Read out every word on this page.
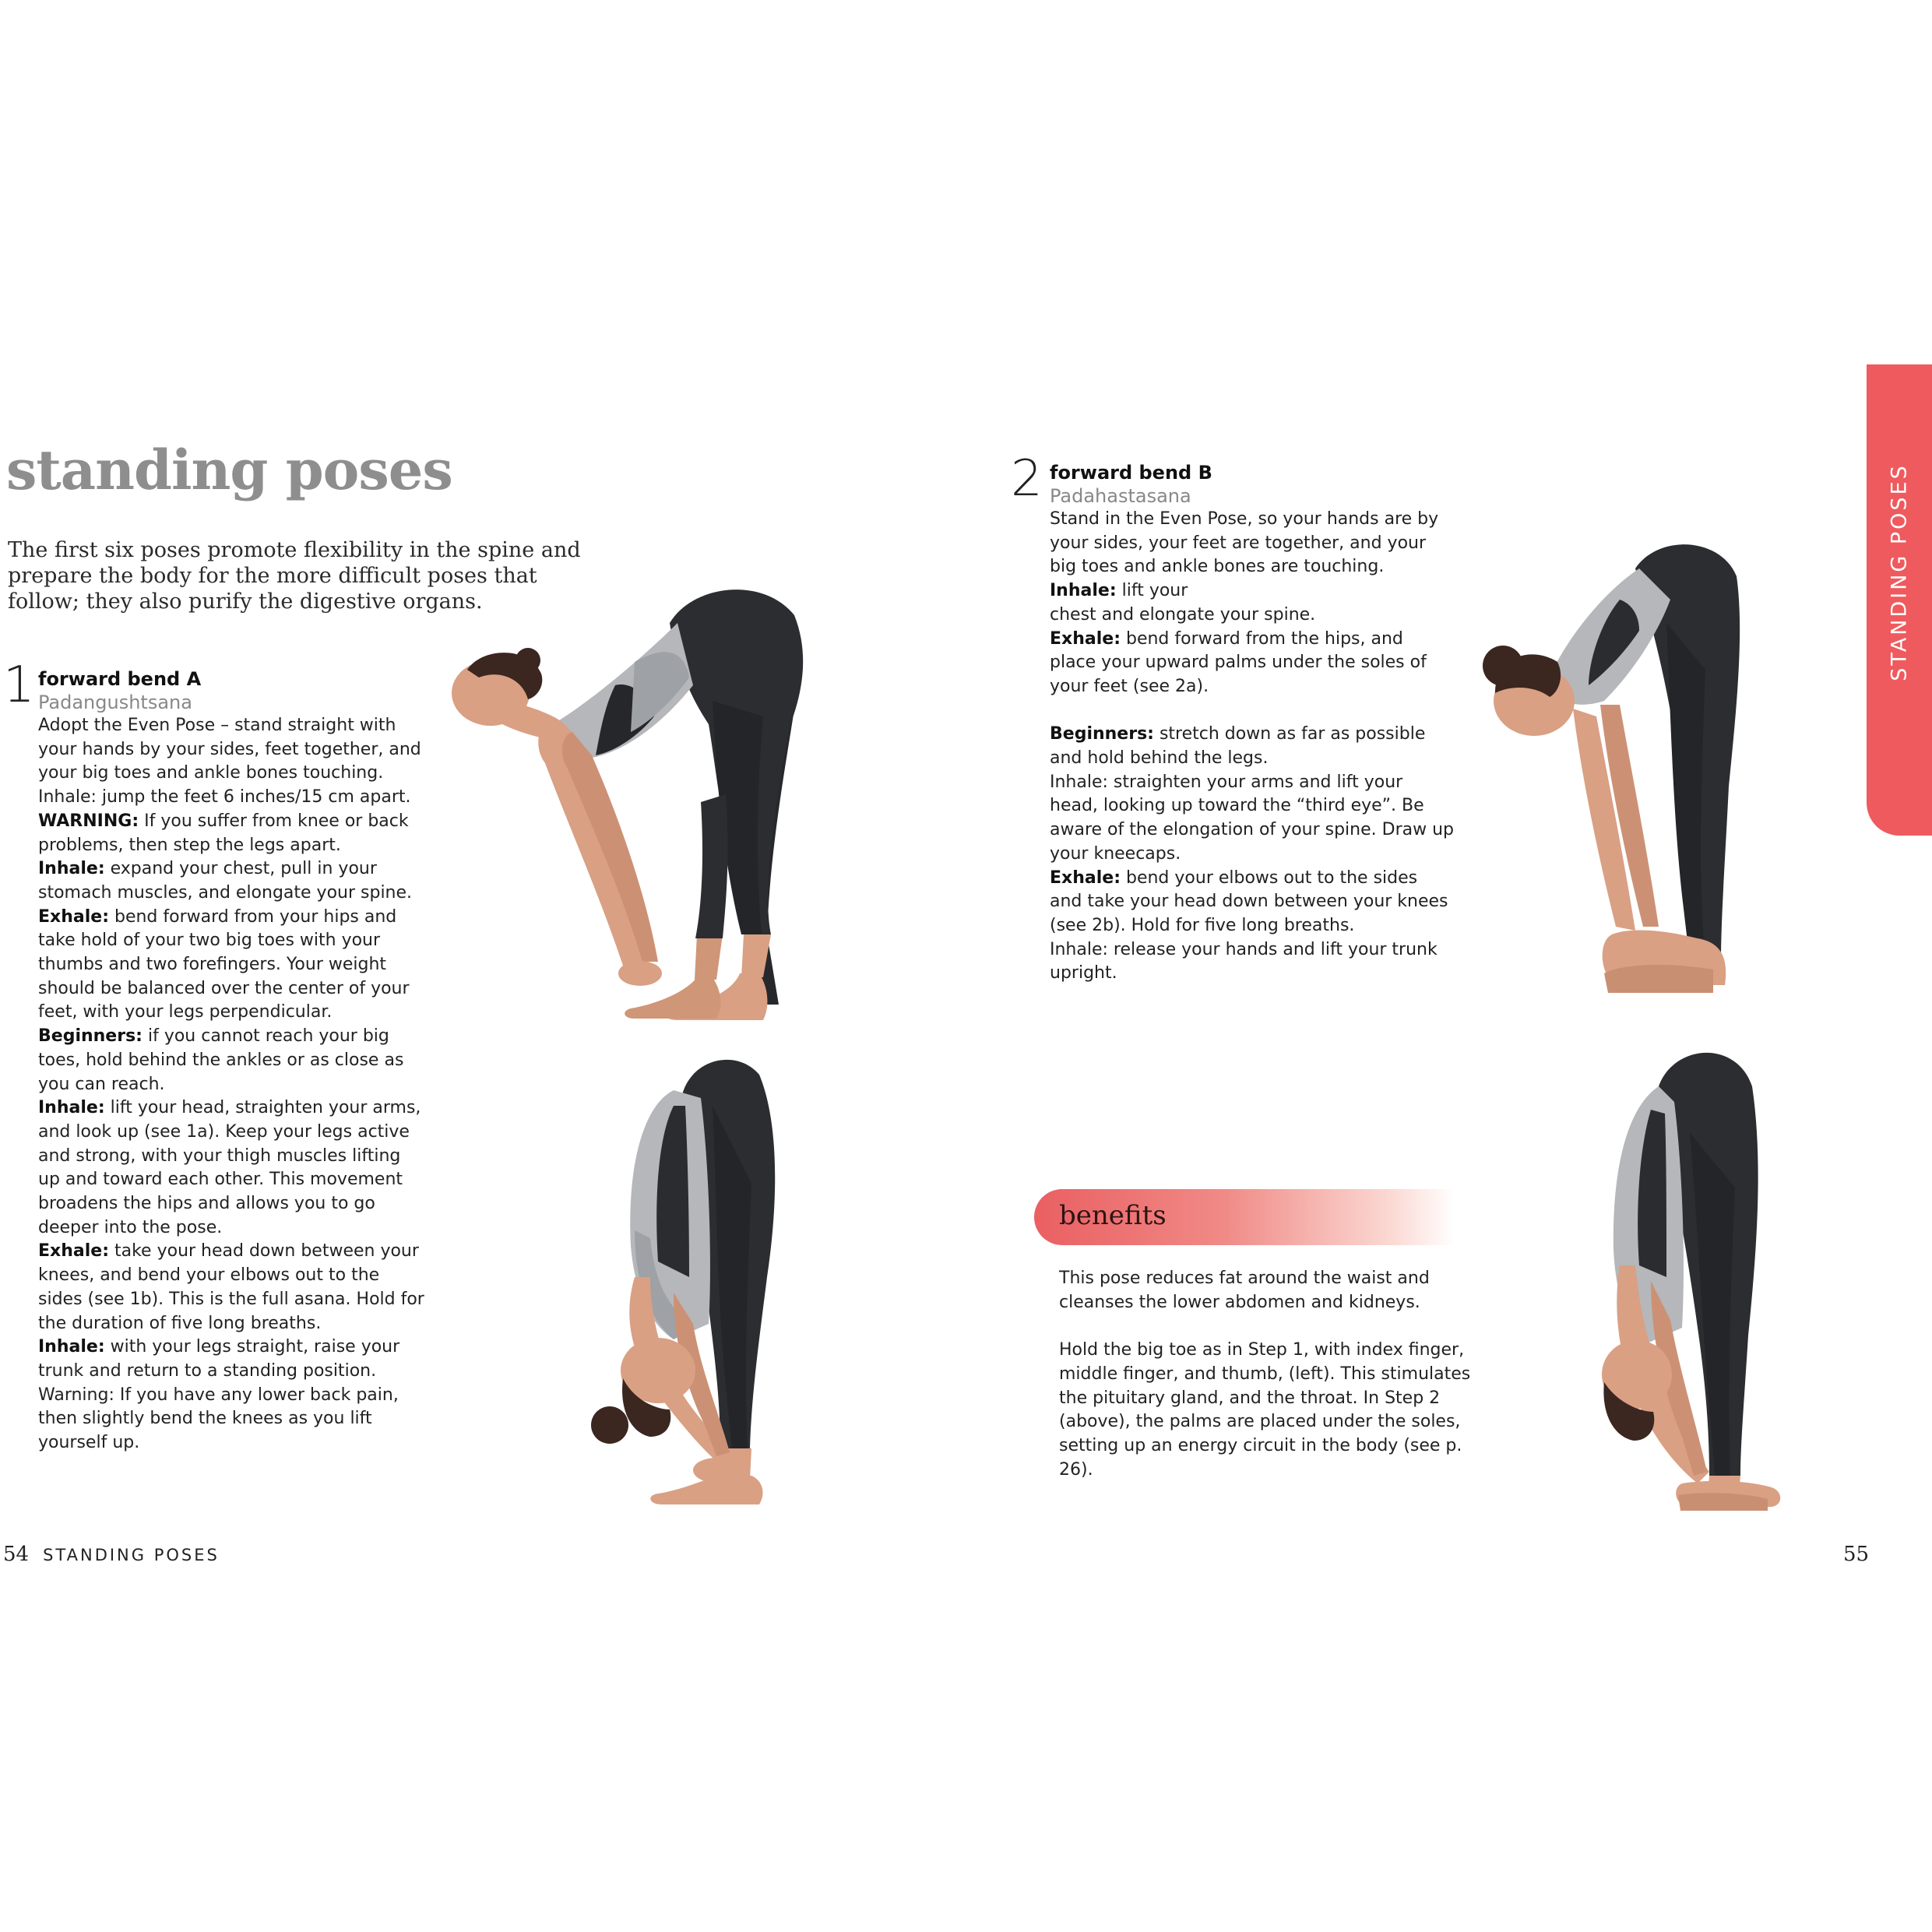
standing poses

The first six poses promote flexibility in the spine and prepare the body for the more difficult poses that follow; they also purify the digestive organs.

1 forward bend A
Padangushtsana

Adopt the Even Pose – stand straight with your hands by your sides, feet together, and your big toes and ankle bones touching.

Inhale: jump the feet 6 inches/15 cm apart.

WARNING: If you suffer from knee or back problems, then step the legs apart.

Inhale: expand your chest, pull in your stomach muscles, and elongate your spine.

Exhale: bend forward from your hips and take hold of your two big toes with your thumbs and two forefingers. Your weight should be balanced over the center of your feet, with your legs perpendicular.

Beginners: if you cannot reach your big toes, hold behind the ankles or as close as you can reach.

Inhale: lift your head, straighten your arms, and look up (see 1a). Keep your legs active and strong, with your thigh muscles lifting up and toward each other. This movement broadens the hips and allows you to go deeper into the pose.

Exhale: take your head down between your knees, and bend your elbows out to the sides (see 1b). This is the full asana. Hold for the duration of five long breaths.

Inhale: with your legs straight, raise your trunk and return to a standing position. Warning: If you have any lower back pain, then slightly bend the knees as you lift yourself up.

2 forward bend B
Padahastasana

Stand in the Even Pose, so your hands are by your sides, your feet are together, and your big toes and ankle bones are touching.

Inhale: lift your

chest and elongate your spine.

Exhale: bend forward from the hips, and place your upward palms under the soles of your feet (see 2a).

Beginners: stretch down as far as possible and hold behind the legs.

Inhale: straighten your arms and lift your head, looking up toward the “third eye”. Be aware of the elongation of your spine. Draw up your kneecaps.

Exhale: bend your elbows out to the sides and take your head down between your knees (see 2b). Hold for five long breaths.

Inhale: release your hands and lift your trunk upright.

benefits

This pose reduces fat around the waist and cleanses the lower abdomen and kidneys.

Hold the big toe as in Step 1, with index finger, middle finger, and thumb, (left). This stimulates the pituitary gland, and the throat. In Step 2 (above), the palms are placed under the soles, setting up an energy circuit in the body (see p. 26).

STANDING POSES
54 STANDING POSES	55
